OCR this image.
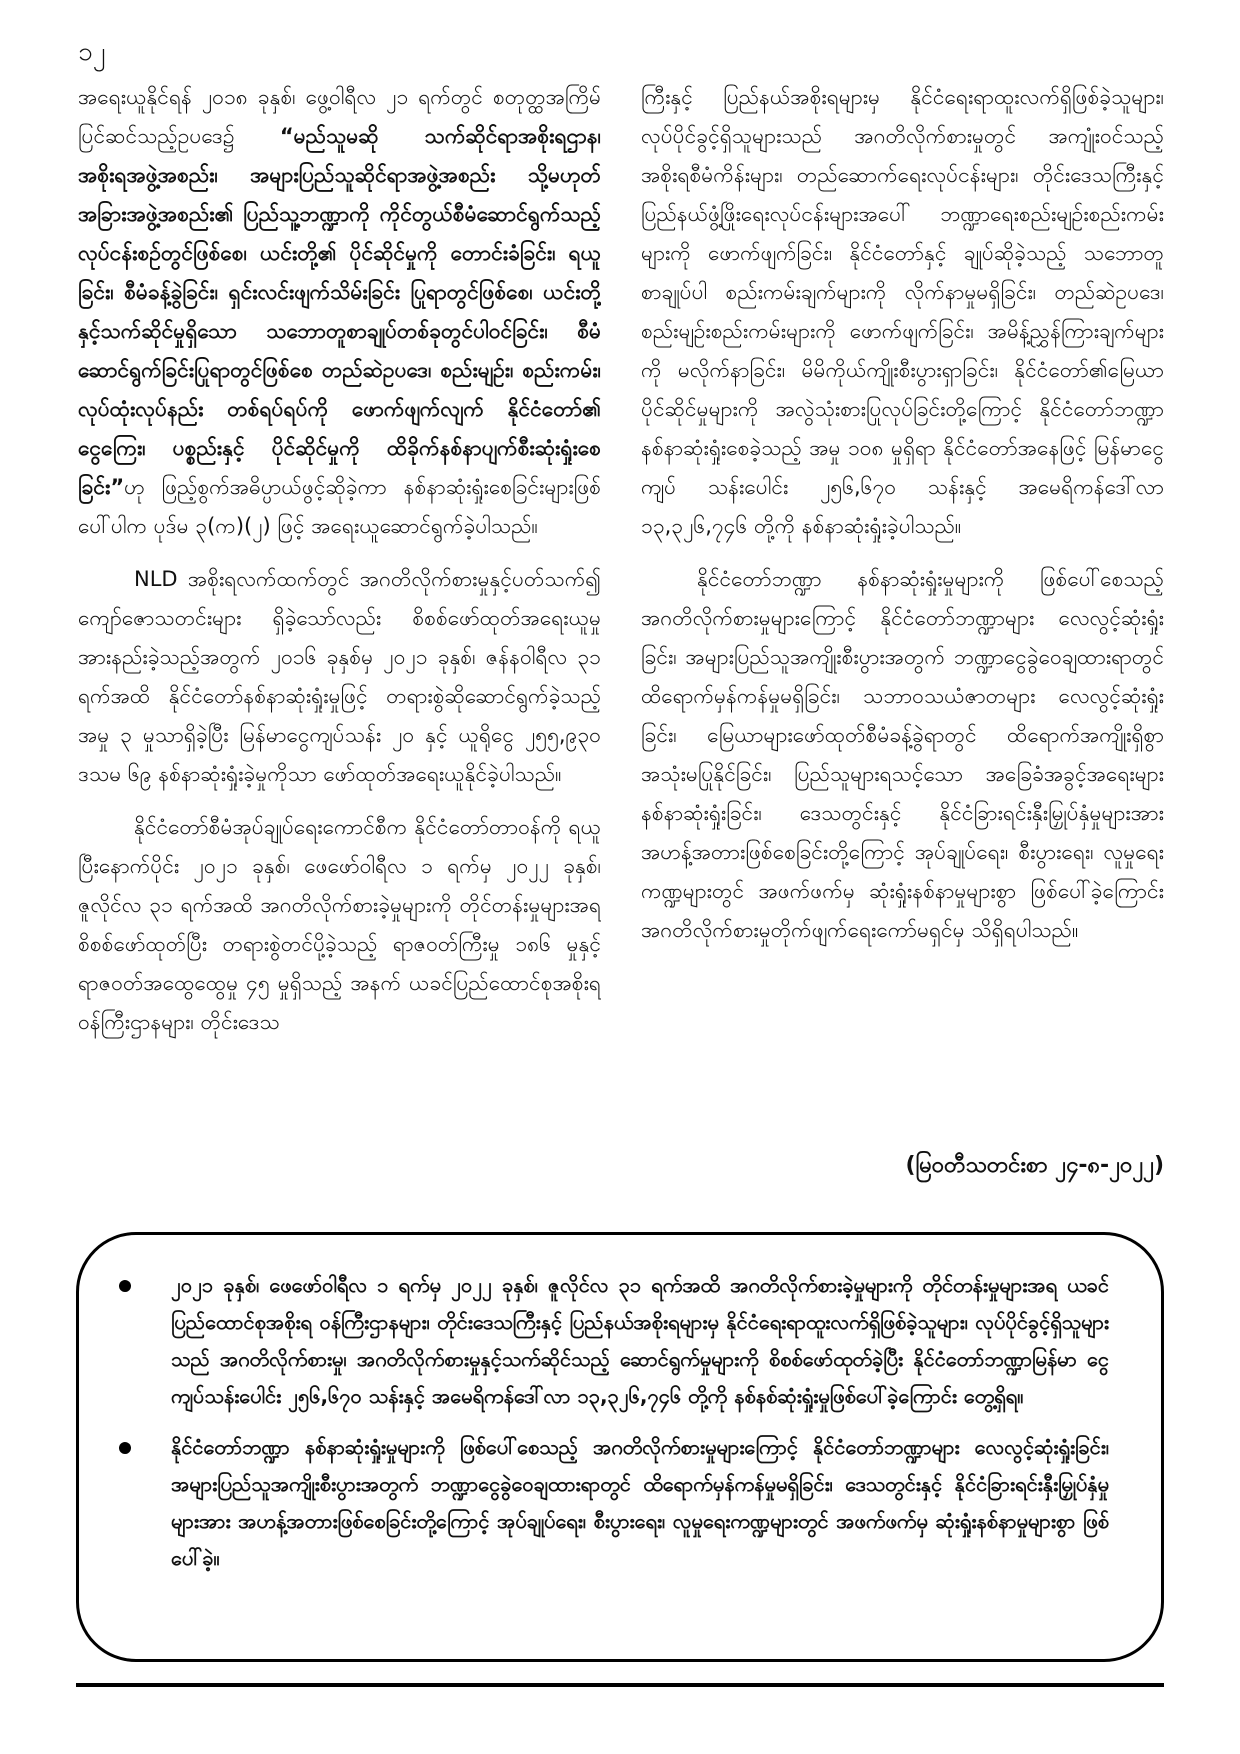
၁၂

အရေးယူနိုင်ရန် ၂၀၁၈ ခုနှစ်၊ ဖွေ့ဝါရီလ ၂၁ ရက်တွင် စတုတ္ထအကြိမ် ပြင်ဆင်သည့်ဥပဒေ၌ “မည်သူမဆို သက်ဆိုင်ရာအစိုးရဌာန၊ အစိုးရအဖွဲ့အစည်း၊ အများပြည်သူဆိုင်ရာအဖွဲ့အစည်း သို့မဟုတ် အခြားအဖွဲ့အစည်း၏ ပြည်သူ့ဘဏ္ဍာကို ကိုင်တွယ်စီမံဆောင်ရွက်သည့် လုပ်ငန်းစဉ်တွင်ဖြစ်စေ၊ ယင်းတို့၏ ပိုင်ဆိုင်မှုကို တောင်းခံခြင်း၊ ရယူခြင်း၊ စီမံခန့်ခွဲခြင်း၊ ရှင်းလင်းဖျက်သိမ်းခြင်း ပြုရာတွင်ဖြစ်စေ၊ ယင်းတို့နှင့်သက်ဆိုင်မှုရှိသော သဘောတူစာချုပ်တစ်ခုတွင်ပါဝင်ခြင်း၊ စီမံဆောင်ရွက်ခြင်းပြုရာတွင်ဖြစ်စေ တည်ဆဲဥပဒေ၊ စည်းမျဉ်း၊ စည်းကမ်း၊ လုပ်ထုံးလုပ်နည်း တစ်ရပ်ရပ်ကို ဖောက်ဖျက်လျက် နိုင်ငံတော်၏ ငွေကြေး၊ ပစ္စည်းနှင့် ပိုင်ဆိုင်မှုကို ထိခိုက်နစ်နာပျက်စီးဆုံးရှုံးစေခြင်း”ဟု ဖြည့်စွက်အဓိပ္ပာယ်ဖွင့်ဆိုခဲ့ကာ နစ်နာဆုံးရှုံးစေခြင်းများဖြစ်ပေါ်ပါက ပုဒ်မ ၃(က)(၂) ဖြင့် အရေးယူဆောင်ရွက်ခဲ့ပါသည်။

NLD အစိုးရလက်ထက်တွင် အဂတိလိုက်စားမှုနှင့်ပတ်သက်၍ ကျော်ဇောသတင်းများ ရှိခဲ့သော်လည်း စိစစ်ဖော်ထုတ်အရေးယူမှု အားနည်းခဲ့သည့်အတွက် ၂၀၁၆ ခုနှစ်မှ ၂၀၂၁ ခုနှစ်၊ ဇန်နဝါရီလ ၃၁ ရက်အထိ နိုင်ငံတော်နစ်နာဆုံးရှုံးမှုဖြင့် တရားစွဲဆိုဆောင်ရွက်ခဲ့သည့် အမှု ၃ မှုသာရှိခဲ့ပြီး မြန်မာငွေကျပ်သန်း ၂၀ နှင့် ယူရိုငွေ ၂၅၅,၉၃၀ ဒသမ ၆၉ နစ်နာဆုံးရှုံးခဲ့မှုကိုသာ ဖော်ထုတ်အရေးယူနိုင်ခဲ့ပါသည်။

နိုင်ငံတော်စီမံအုပ်ချုပ်ရေးကောင်စီက နိုင်ငံတော်တာဝန်ကို ရယူပြီးနောက်ပိုင်း ၂၀၂၁ ခုနှစ်၊ ဖေဖော်ဝါရီလ ၁ ရက်မှ ၂၀၂၂ ခုနှစ်၊ ဇူလိုင်လ ၃၁ ရက်အထိ အဂတိလိုက်စားခဲ့မှုများကို တိုင်တန်းမှုများအရ စိစစ်ဖော်ထုတ်ပြီး တရားစွဲတင်ပို့ခဲ့သည့် ရာဇဝတ်ကြီးမှု ၁၈၆ မှုနှင့် ရာဇဝတ်အထွေထွေမှု ၄၅ မှုရှိသည့် အနက် ယခင်ပြည်ထောင်စုအစိုးရဝန်ကြီးဌာနများ၊ တိုင်းဒေသ

ကြီးနှင့် ပြည်နယ်အစိုးရများမှ နိုင်ငံရေးရာထူးလက်ရှိဖြစ်ခဲ့သူများ၊ လုပ်ပိုင်ခွင့်ရှိသူများသည် အဂတိလိုက်စားမှုတွင် အကျုံးဝင်သည့် အစိုးရစီမံကိန်းများ၊ တည်ဆောက်ရေးလုပ်ငန်းများ၊ တိုင်းဒေသကြီးနှင့် ပြည်နယ်ဖွံ့ဖြိုးရေးလုပ်ငန်းများအပေါ် ဘဏ္ဍာရေးစည်းမျဉ်းစည်းကမ်းများကို ဖောက်ဖျက်ခြင်း၊ နိုင်ငံတော်နှင့် ချုပ်ဆိုခဲ့သည့် သဘောတူစာချုပ်ပါ စည်းကမ်းချက်များကို လိုက်နာမှုမရှိခြင်း၊ တည်ဆဲဥပဒေ၊ စည်းမျဉ်းစည်းကမ်းများကို ဖောက်ဖျက်ခြင်း၊ အမိန့်ညွှန်ကြားချက်များကို မလိုက်နာခြင်း၊ မိမိကိုယ်ကျိုးစီးပွားရှာခြင်း၊ နိုင်ငံတော်၏မြေယာပိုင်ဆိုင်မှုများကို အလွဲသုံးစားပြုလုပ်ခြင်းတို့ကြောင့် နိုင်ငံတော်ဘဏ္ဍာ နစ်နာဆုံးရှုံးစေခဲ့သည့် အမှု ၁၀၈ မှုရှိရာ နိုင်ငံတော်အနေဖြင့် မြန်မာငွေကျပ် သန်းပေါင်း ၂၅၆,၆၇၀ သန်းနှင့် အမေရိကန်ဒေါ်လာ ၁၃,၃၂၆,၇၄၆ တို့ကို နစ်နာဆုံးရှုံးခဲ့ပါသည်။

နိုင်ငံတော်ဘဏ္ဍာ နစ်နာဆုံးရှုံးမှုများကို ဖြစ်ပေါ်စေသည့် အဂတိလိုက်စားမှုများကြောင့် နိုင်ငံတော်ဘဏ္ဍာများ လေလွင့်ဆုံးရှုံးခြင်း၊ အများပြည်သူအကျိုးစီးပွားအတွက် ဘဏ္ဍာငွေခွဲဝေချထားရာတွင် ထိရောက်မှန်ကန်မှုမရှိခြင်း၊ သဘာဝသယံဇာတများ လေလွင့်ဆုံးရှုံးခြင်း၊ မြေယာများဖော်ထုတ်စီမံခန့်ခွဲရာတွင် ထိရောက်အကျိုးရှိစွာ အသုံးမပြုနိုင်ခြင်း၊ ပြည်သူများရသင့်သော အခြေခံအခွင့်အရေးများ နစ်နာဆုံးရှုံးခြင်း၊ ဒေသတွင်းနှင့် နိုင်ငံခြားရင်းနှီးမြှုပ်နှံမှုများအား အဟန့်အတားဖြစ်စေခြင်းတို့ကြောင့် အုပ်ချုပ်ရေး၊ စီးပွားရေး၊ လူမှုရေးကဏ္ဍများတွင် အဖက်ဖက်မှ ဆုံးရှုံးနစ်နာမှုများစွာ ဖြစ်ပေါ်ခဲ့ကြောင်း အဂတိလိုက်စားမှုတိုက်ဖျက်ရေးကော်မရှင်မှ သိရှိရပါသည်။

(မြဝတီသတင်းစာ ၂၄-၈-၂၀၂၂)
၂၀၂၁ ခုနှစ်၊ ဖေဖော်ဝါရီလ ၁ ရက်မှ ၂၀၂၂ ခုနှစ်၊ ဇူလိုင်လ ၃၁ ရက်အထိ အဂတိလိုက်စားခဲ့မှုများကို တိုင်တန်းမှုများအရ ယခင်ပြည်ထောင်စုအစိုးရ ဝန်ကြီးဌာနများ၊ တိုင်းဒေသကြီးနှင့် ပြည်နယ်အစိုးရများမှ နိုင်ငံရေးရာထူးလက်ရှိဖြစ်ခဲ့သူများ၊ လုပ်ပိုင်ခွင့်ရှိသူများသည် အဂတိလိုက်စားမှု၊ အဂတိလိုက်စားမှုနှင့်သက်ဆိုင်သည့် ဆောင်ရွက်မှုများကို စိစစ်ဖော်ထုတ်ခဲ့ပြီး နိုင်ငံတော်ဘဏ္ဍာမြန်မာ ငွေကျပ်သန်းပေါင်း ၂၅၆,၆၇၀ သန်းနှင့် အမေရိကန်ဒေါ်လာ ၁၃,၃၂၆,၇၄၆ တို့ကို နစ်နစ်ဆုံးရှုံးမှုဖြစ်ပေါ်ခဲ့ကြောင်း တွေ့ရှိရ။
နိုင်ငံတော်ဘဏ္ဍာ နစ်နာဆုံးရှုံးမှုများကို ဖြစ်ပေါ်စေသည့် အဂတိလိုက်စားမှုများကြောင့် နိုင်ငံတော်ဘဏ္ဍာများ လေလွင့်ဆုံးရှုံးခြင်း၊ အများပြည်သူအကျိုးစီးပွားအတွက် ဘဏ္ဍာငွေခွဲဝေချထားရာတွင် ထိရောက်မှန်ကန်မှုမရှိခြင်း၊ ဒေသတွင်းနှင့် နိုင်ငံခြားရင်းနှီးမြှုပ်နှံမှုများအား အဟန့်အတားဖြစ်စေခြင်းတို့ကြောင့် အုပ်ချုပ်ရေး၊ စီးပွားရေး၊ လူမှုရေးကဏ္ဍများတွင် အဖက်ဖက်မှ ဆုံးရှုံးနစ်နာမှုများစွာ ဖြစ်ပေါ်ခဲ့။
